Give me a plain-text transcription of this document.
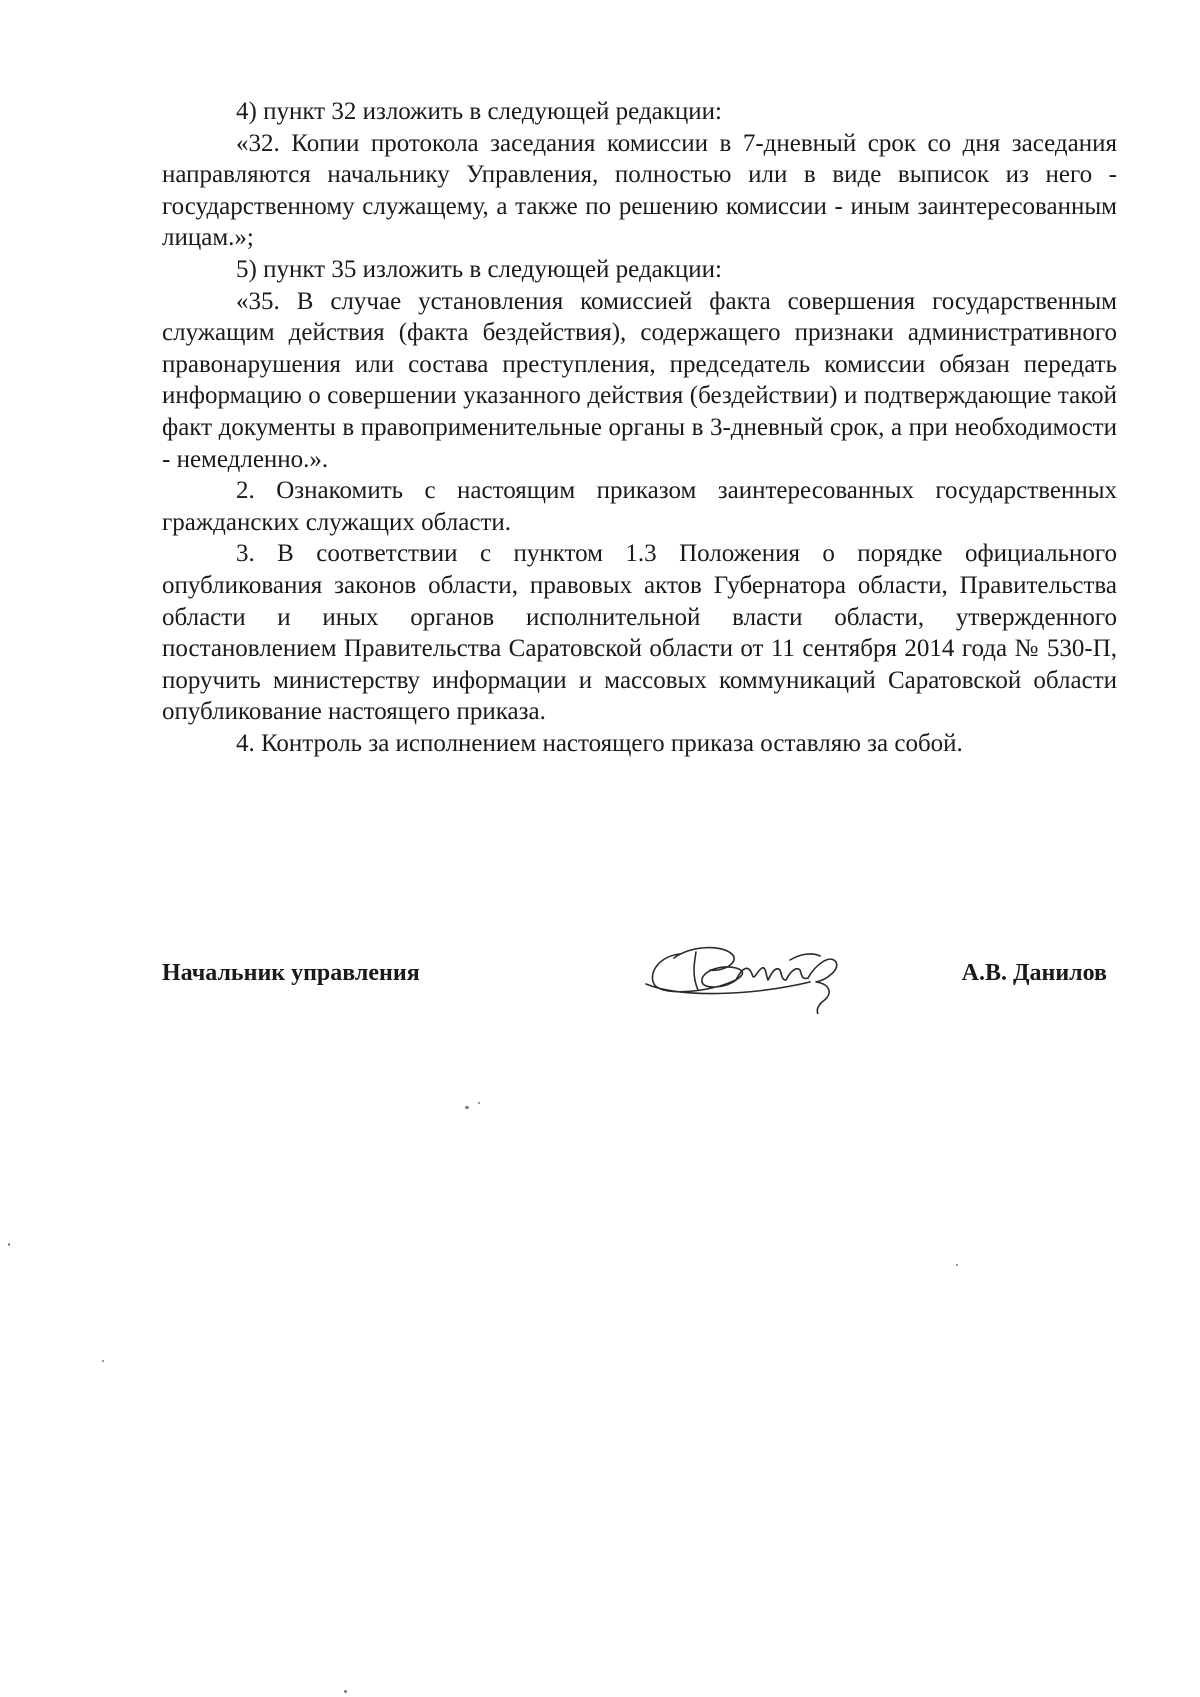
4) пункт 32 изложить в следующей редакции:

«32. Копии протокола заседания комиссии в 7-дневный срок со дня заседания направляются начальнику Управления, полностью или в виде выписок из него - государственному служащему, а также по решению комиссии - иным заинтересованным лицам.»;

5) пункт 35 изложить в следующей редакции:

«35. В случае установления комиссией факта совершения государственным служащим действия (факта бездействия), содержащего признаки административного правонарушения или состава преступления, председатель комиссии обязан передать информацию о совершении указанного действия (бездействии) и подтверждающие такой факт документы в правоприменительные органы в 3-дневный срок, а при необходимости - немедленно.».

2. Ознакомить с настоящим приказом заинтересованных государственных гражданских служащих области.

3. В соответствии с пунктом 1.3 Положения о порядке официального опубликования законов области, правовых актов Губернатора области, Правительства области и иных органов исполнительной власти области, утвержденного постановлением Правительства Саратовской области от 11 сентября 2014 года № 530-П, поручить министерству информации и массовых коммуникаций Саратовской области опубликование настоящего приказа.

4. Контроль за исполнением настоящего приказа оставляю за собой.

Начальник управления	А.В. Данилов
